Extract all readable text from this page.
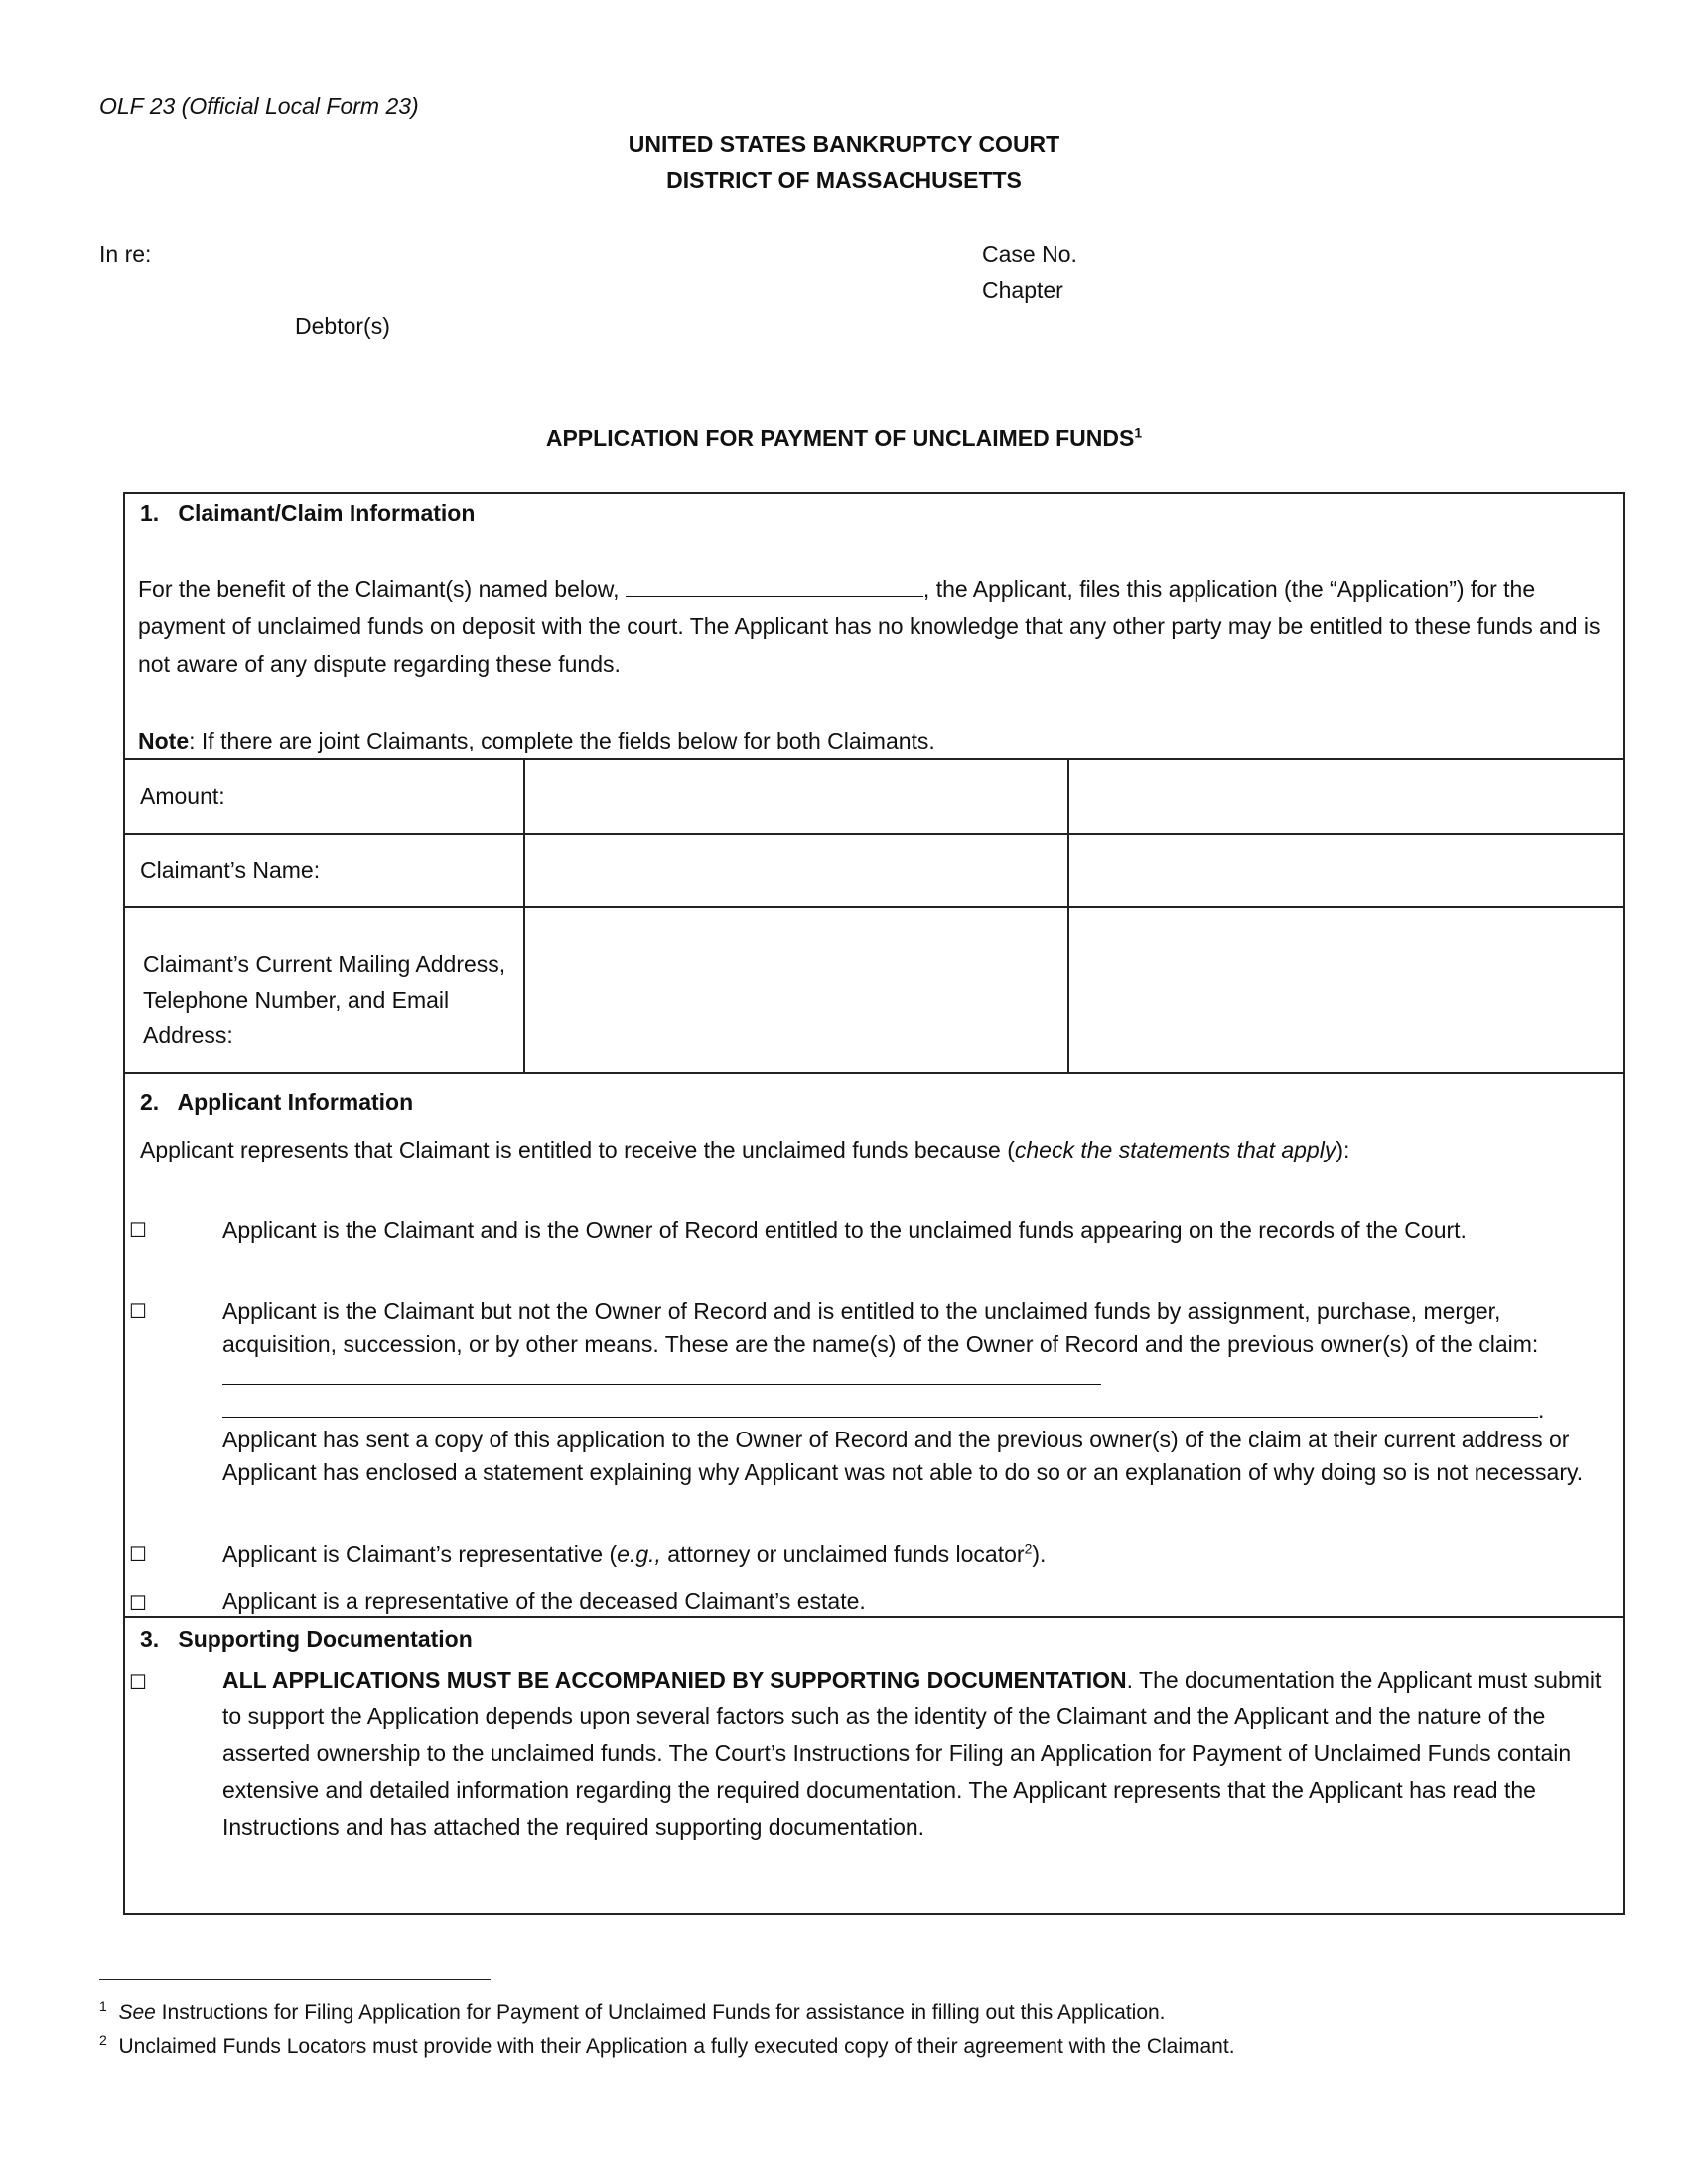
OLF 23 (Official Local Form 23)
UNITED STATES BANKRUPTCY COURT
DISTRICT OF MASSACHUSETTS
In re:
Debtor(s)
Case No.
Chapter
APPLICATION FOR PAYMENT OF UNCLAIMED FUNDS$^1$
1.   Claimant/Claim Information
For the benefit of the Claimant(s) named below,	, the Applicant, files this application (the “Application”) for the payment of unclaimed funds on deposit with the court. The Applicant has no knowledge that any other party may be entitled to these funds and is not aware of any dispute regarding these funds.
Note: If there are joint Claimants, complete the fields below for both Claimants.
Amount:
Claimant’s Name:
Claimant’s Current Mailing Address, Telephone Number, and Email Address:
2.   Applicant Information
Applicant represents that Claimant is entitled to receive the unclaimed funds because (check the statements that apply):
☐	Applicant is the Claimant and is the Owner of Record entitled to the unclaimed funds appearing on the records of the Court.
☐	Applicant is the Claimant but not the Owner of Record and is entitled to the unclaimed funds by assignment, purchase, merger, acquisition, succession, or by other means. These are the name(s) of the Owner of Record and the previous owner(s) of the claim:
.
Applicant has sent a copy of this application to the Owner of Record and the previous owner(s) of the claim at their current address or Applicant has enclosed a statement explaining why Applicant was not able to do so or an explanation of why doing so is not necessary.
☐	Applicant is Claimant’s representative (e.g., attorney or unclaimed funds locator$^2$).
☐	Applicant is a representative of the deceased Claimant’s estate.
3.   Supporting Documentation
☐	ALL APPLICATIONS MUST BE ACCOMPANIED BY SUPPORTING DOCUMENTATION. The documentation the Applicant must submit to support the Application depends upon several factors such as the identity of the Claimant and the Applicant and the nature of the asserted ownership to the unclaimed funds. The Court’s Instructions for Filing an Application for Payment of Unclaimed Funds contain extensive and detailed information regarding the required documentation. The Applicant represents that the Applicant has read the Instructions and has attached the required supporting documentation.
$^1$ See Instructions for Filing Application for Payment of Unclaimed Funds for assistance in filling out this Application.
$^2$ Unclaimed Funds Locators must provide with their Application a fully executed copy of their agreement with the Claimant.
